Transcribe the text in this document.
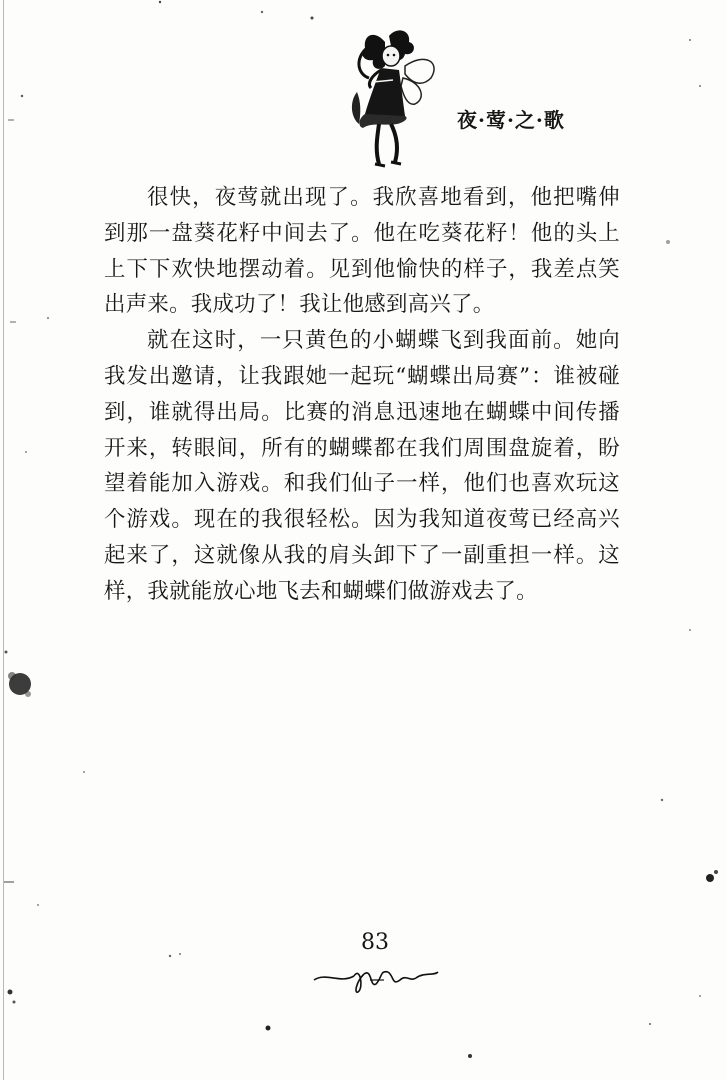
夜·莺·之·歌

很快，夜莺就出现了。我欣喜地看到，他把嘴伸到那一盘葵花籽中间去了。他在吃葵花籽！他的头上上下下欢快地摆动着。见到他愉快的样子，我差点笑出声来。我成功了！我让他感到高兴了。

就在这时，一只黄色的小蝴蝶飞到我面前。她向我发出邀请，让我跟她一起玩“蝴蝶出局赛”：谁被碰到，谁就得出局。比赛的消息迅速地在蝴蝶中间传播开来，转眼间，所有的蝴蝶都在我们周围盘旋着，盼望着能加入游戏。和我们仙子一样，他们也喜欢玩这个游戏。现在的我很轻松。因为我知道夜莺已经高兴起来了，这就像从我的肩头卸下了一副重担一样。这样，我就能放心地飞去和蝴蝶们做游戏去了。

83
